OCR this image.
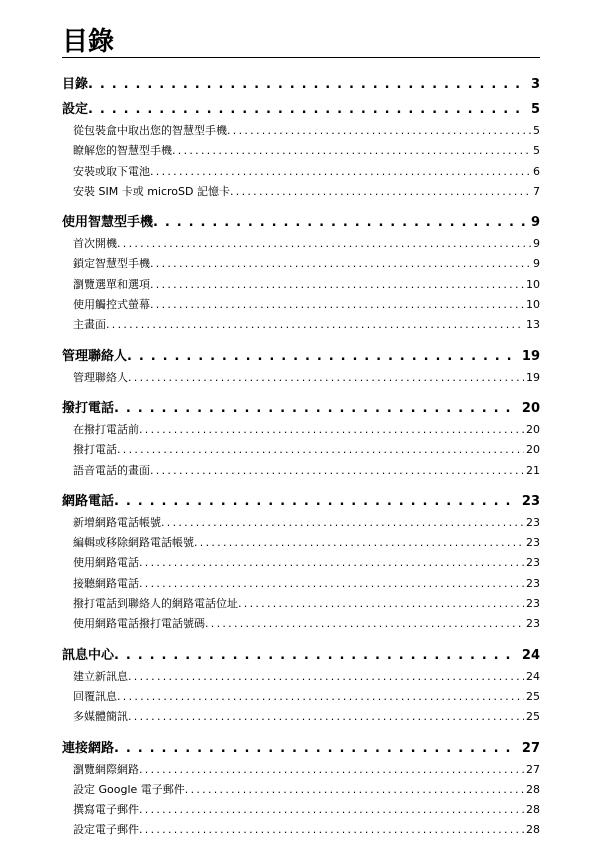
目錄
目錄 . . .	3
設定 . . .	5
從包裝盒中取出您的智慧型手機 . . .	5
瞭解您的智慧型手機 . . .	5
安裝或取下電池 . . .	6
安裝 SIM 卡或 microSD 記憶卡 . . .	7
使用智慧型手機 . . .	9
首次開機 . . .	9
鎖定智慧型手機 . . .	9
瀏覽選單和選項 . . .	10
使用觸控式螢幕 . . .	10
主畫面 . . .	13
管理聯絡人 . . .	19
管理聯絡人 . . .	19
撥打電話 . . .	20
在撥打電話前 . . .	20
撥打電話 . . .	20
語音電話的畫面 . . .	21
網路電話 . . .	23
新增網路電話帳號 . . .	23
編輯或移除網路電話帳號 . . .	23
使用網路電話 . . .	23
接聽網路電話 . . .	23
撥打電話到聯絡人的網路電話位址 . . .	23
使用網路電話撥打電話號碼 . . .	23
訊息中心 . . .	24
建立新訊息 . . .	24
回覆訊息 . . .	25
多媒體簡訊 . . .	25
連接網路 . . .	27
瀏覽網際網路 . . .	27
設定 Google 電子郵件 . . .	28
撰寫電子郵件 . . .	28
設定電子郵件 . . .	28
